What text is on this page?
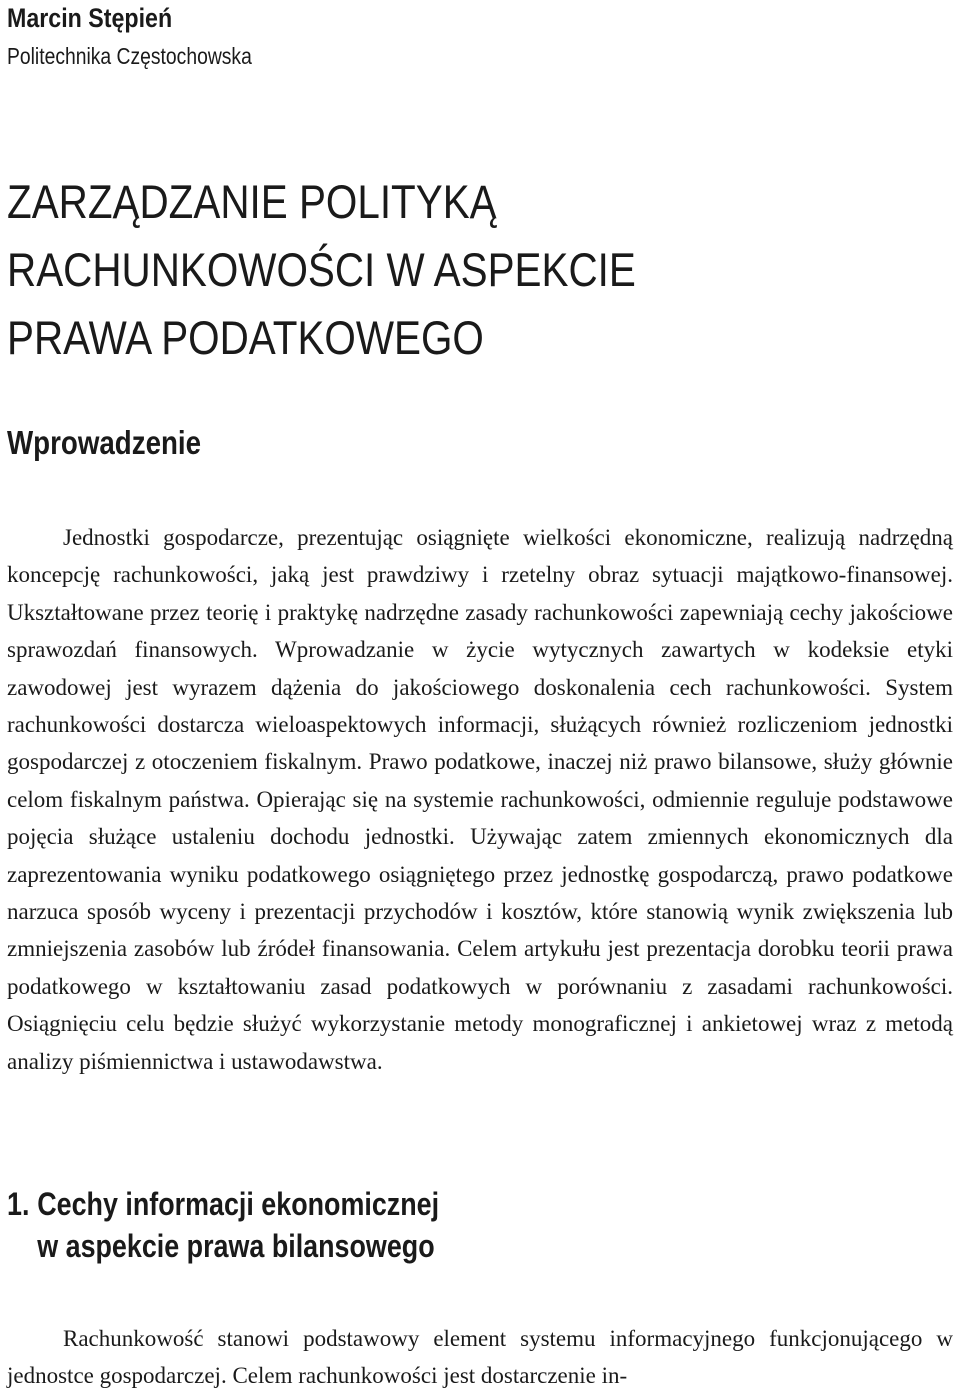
Marcin Stępień
Politechnika Częstochowska
ZARZĄDZANIE POLITYKĄ
RACHUNKOWOŚCI W ASPEKCIE
PRAWA PODATKOWEGO
Wprowadzenie

Jednostki gospodarcze, prezentując osiągnięte wielkości ekonomiczne, realizują nadrzędną koncepcję rachunkowości, jaką jest prawdziwy i rzetelny obraz sytuacji majątkowo-finansowej. Ukształtowane przez teorię i praktykę nadrzędne zasady rachunkowości zapewniają cechy jakościowe sprawozdań finansowych. Wprowadzanie w życie wytycznych zawartych w kodeksie etyki zawodowej jest wyrazem dążenia do jakościowego doskonalenia cech rachunkowości. System rachunkowości dostarcza wieloaspektowych informacji, służących również rozliczeniom jednostki gospodarczej z otoczeniem fiskalnym. Prawo podatkowe, inaczej niż prawo bilansowe, służy głównie celom fiskalnym państwa. Opierając się na systemie rachunkowości, odmiennie reguluje podstawowe pojęcia służące ustaleniu dochodu jednostki. Używając zatem zmiennych ekonomicznych dla zaprezentowania wyniku podatkowego osiągniętego przez jednostkę gospodarczą, prawo podatkowe narzuca sposób wyceny i prezentacji przychodów i kosztów, które stanowią wynik zwiększenia lub zmniejszenia zasobów lub źródeł finansowania. Celem artykułu jest prezentacja dorobku teorii prawa podatkowego w kształtowaniu zasad podatkowych w porównaniu z zasadami rachunkowości. Osiągnięciu celu będzie służyć wykorzystanie metody monograficznej i ankietowej wraz z metodą analizy piśmiennictwa i ustawodawstwa.

1. Cechy informacji ekonomicznej
w aspekcie prawa bilansowego

Rachunkowość stanowi podstawowy element systemu informacyjnego funkcjonującego w jednostce gospodarczej. Celem rachunkowości jest dostarczenie in-
